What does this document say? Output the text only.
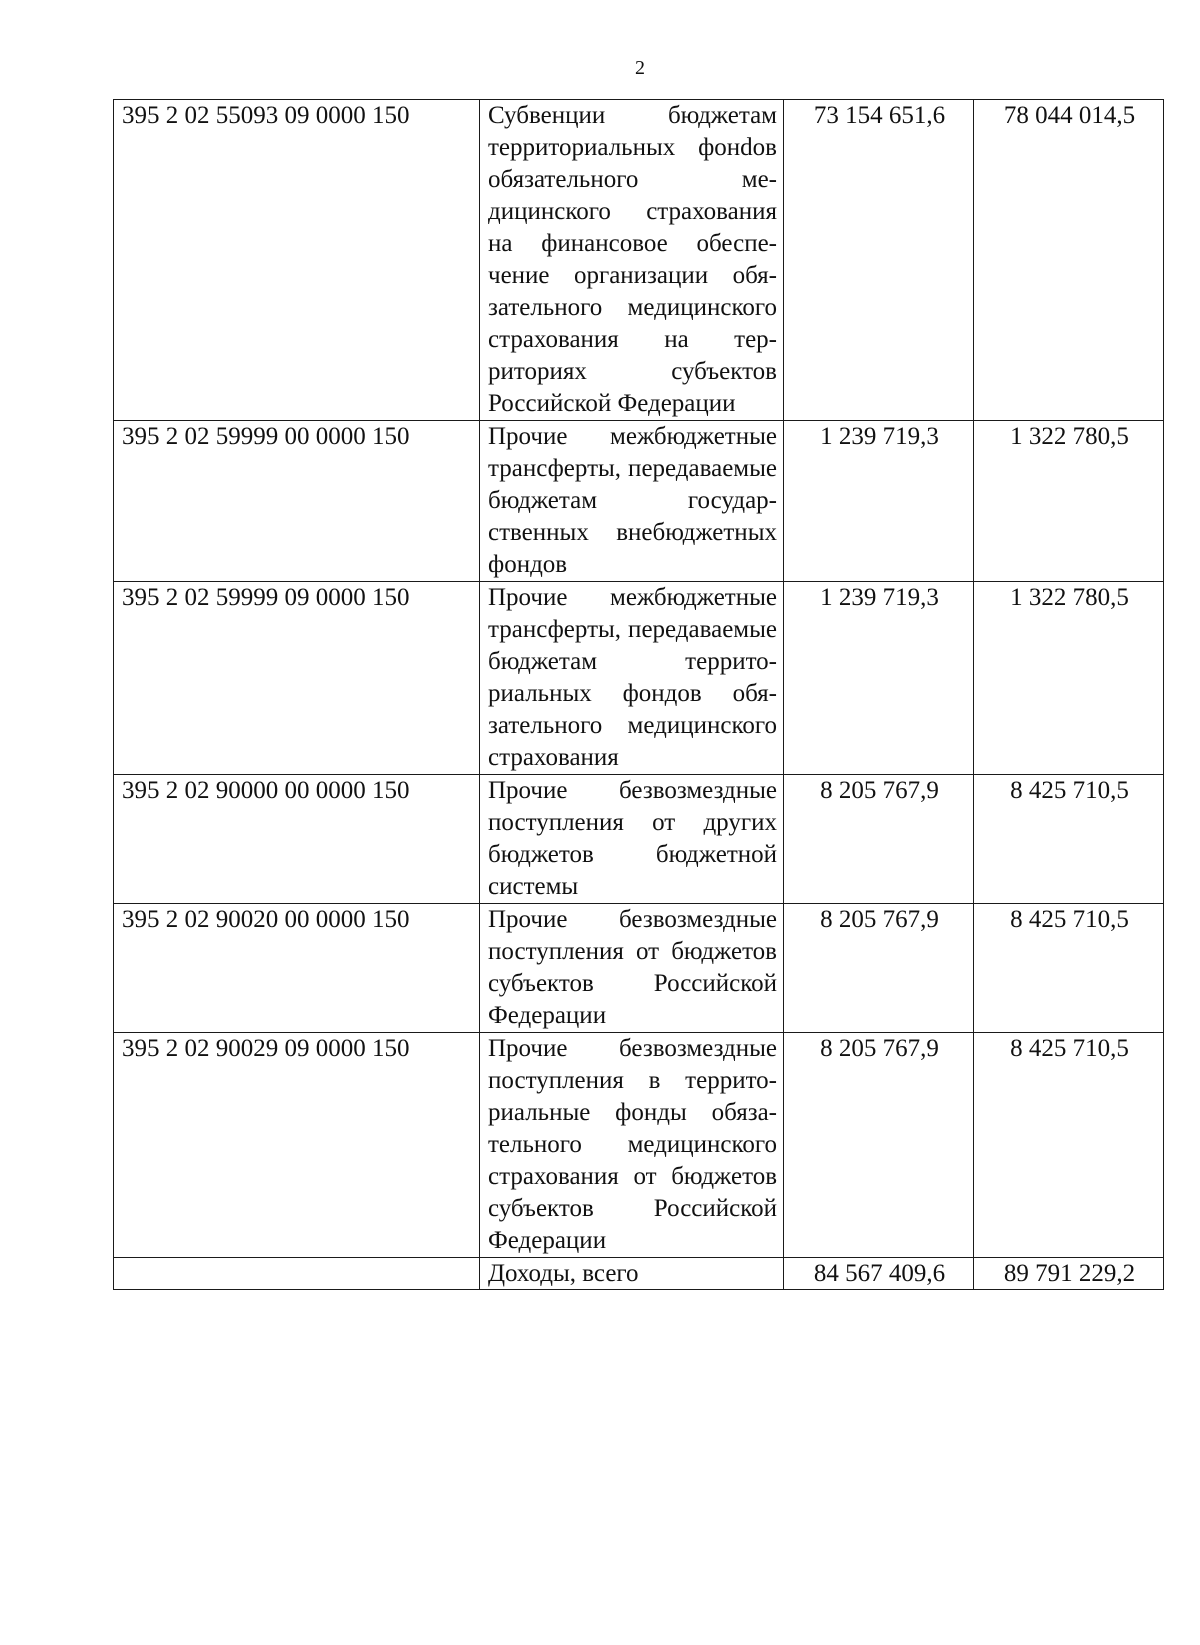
2
395 2 02 55093 09 0000 150	Субвенции бюджетам территориальных фонdов обязательного медицинского страхования на финансовое обеспечение организации обязательного медицинского страхования на территориях субъектов Российской Федерации	73 154 651,6	78 044 014,5
395 2 02 59999 00 0000 150	Прочие межбюджетные трансферты, передаваемые бюджетам государственных внебюджетных фондов	1 239 719,3	1 322 780,5
395 2 02 59999 09 0000 150	Прочие межбюджетные трансферты, передаваемые бюджетам территориальных фондов обязательного медицинского страхования	1 239 719,3	1 322 780,5
395 2 02 90000 00 0000 150	Прочие безвозмездные поступления от других бюджетов бюджетной системы	8 205 767,9	8 425 710,5
395 2 02 90020 00 0000 150	Прочие безвозмездные поступления от бюджетов субъектов Российской Федерации	8 205 767,9	8 425 710,5
395 2 02 90029 09 0000 150	Прочие безвозмездные поступления в территориальные фонды обязательного медицинского страхования от бюджетов субъектов Российской Федерации	8 205 767,9	8 425 710,5
	Доходы, всего	84 567 409,6	89 791 229,2
